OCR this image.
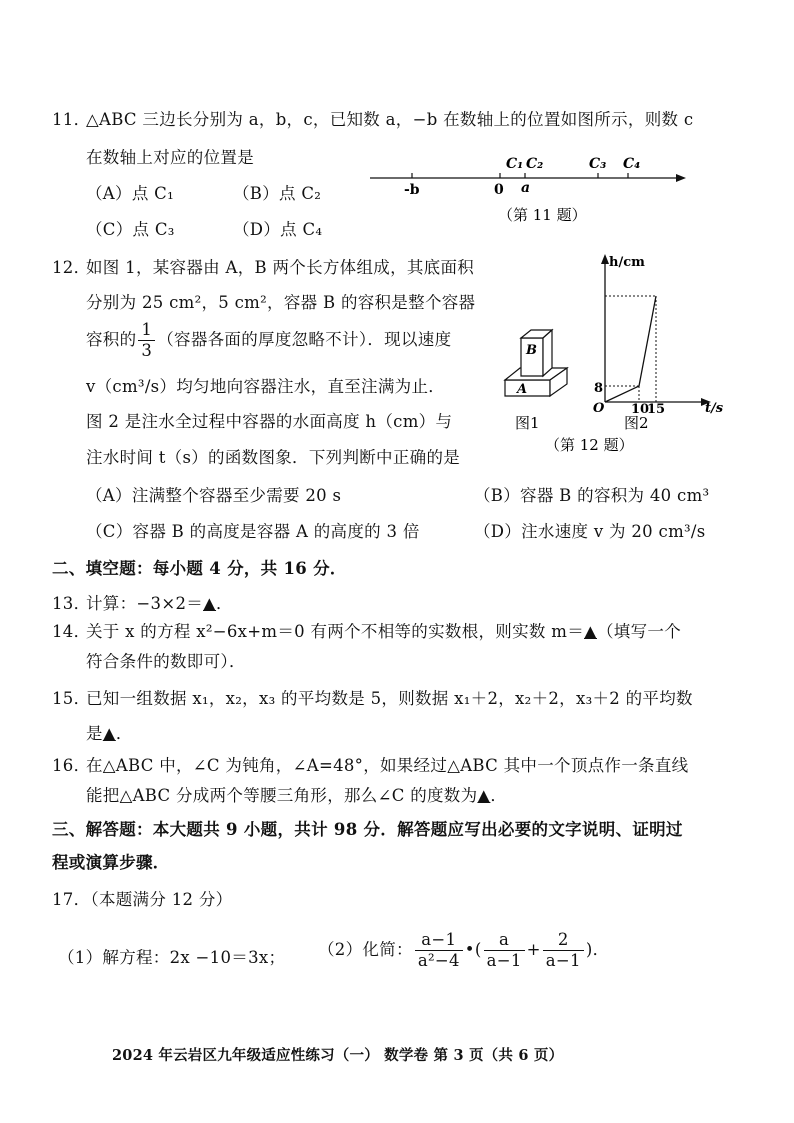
11．
△ABC 三边长分别为 a，b，c，已知数 a，−b 在数轴上的位置如图所示，则数 c
在数轴上对应的位置是
（A）点 C₁	（B）点 C₂
（C）点 C₃	（D）点 C₄
C₁ C₂	C₃ C₄
-b	0 a
（第 11 题）
12．
如图 1，某容器由 A，B 两个长方体组成，其底面积
分别为 25 cm²，5 cm²，容器 B 的容积是整个容器
容积的 $\frac{1}{3}$ （容器各面的厚度忽略不计）．现以速度
v（cm³/s）均匀地向容器注水，直至注满为止．
图 2 是注水全过程中容器的水面高度 h（cm）与
注水时间 t（s）的函数图象．下列判断中正确的是
B
A
图1
h/cm
t/s
O
8
10
15
图2
（第 12 题）
（A）注满整个容器至少需要 20 s	（B）容器 B 的容积为 40 cm³
（C）容器 B 的高度是容器 A 的高度的 3 倍	（D）注水速度 v 为 20 cm³/s
二、填空题：每小题 4 分，共 16 分．
13．
计算：−3×2＝▲．
14．
关于 x 的方程 x²−6x+m＝0 有两个不相等的实数根，则实数 m＝▲（填写一个
符合条件的数即可）．
15．
已知一组数据 x₁，x₂，x₃ 的平均数是 5，则数据 x₁＋2，x₂＋2，x₃＋2 的平均数
是▲．
16．
在△ABC 中，∠C 为钝角，∠A=48°，如果经过△ABC 其中一个顶点作一条直线
能把△ABC 分成两个等腰三角形，那么∠C 的度数为▲．
三、解答题：本大题共 9 小题，共计 98 分．解答题应写出必要的文字说明、证明过
程或演算步骤．
17．（本题满分 12 分）
（1）解方程：2x −10＝3x； （2）化简： $\frac{a-1}{\text{a²−4}}$ •( $\frac{a}{a-1} + \frac{2}{a-1}$ )．
2024 年云岩区九年级适应性练习（一） 数学卷 第 3 页（共 6 页）
